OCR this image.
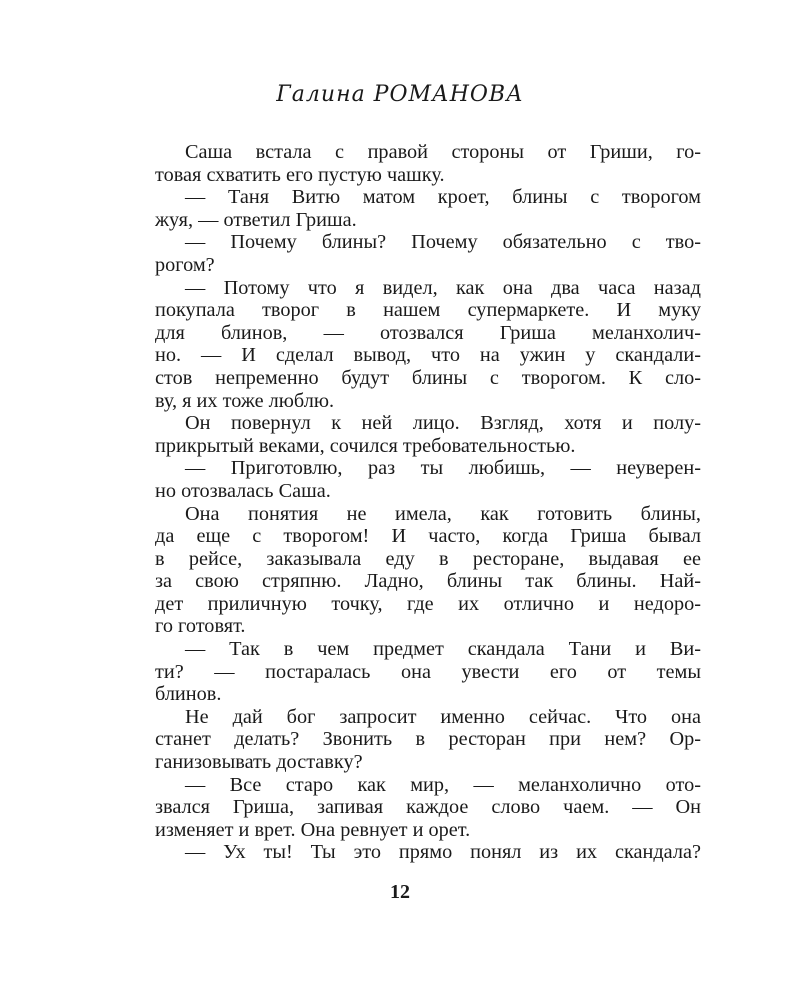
Галина РОМАНОВА
Саша встала с правой стороны от Гриши, го-
товая схватить его пустую чашку.
— Таня Витю матом кроет, блины с творогом
жуя, — ответил Гриша.
— Почему блины? Почему обязательно с тво-
рогом?
— Потому что я видел, как она два часа назад
покупала творог в нашем супермаркете. И муку
для блинов, — отозвался Гриша меланхолич-
но. — И сделал вывод, что на ужин у скандали-
стов непременно будут блины с творогом. К сло-
ву, я их тоже люблю.
Он повернул к ней лицо. Взгляд, хотя и полу-
прикрытый веками, сочился требовательностью.
— Приготовлю, раз ты любишь, — неуверен-
но отозвалась Саша.
Она понятия не имела, как готовить блины,
да еще с творогом! И часто, когда Гриша бывал
в рейсе, заказывала еду в ресторане, выдавая ее
за свою стряпню. Ладно, блины так блины. Най-
дет приличную точку, где их отлично и недоро-
го готовят.
— Так в чем предмет скандала Тани и Ви-
ти? — постаралась она увести его от темы
блинов.
Не дай бог запросит именно сейчас. Что она
станет делать? Звонить в ресторан при нем? Ор-
ганизовывать доставку?
— Все старо как мир, — меланхолично ото-
звался Гриша, запивая каждое слово чаем. — Он
изменяет и врет. Она ревнует и орет.
— Ух ты! Ты это прямо понял из их скандала?
12
